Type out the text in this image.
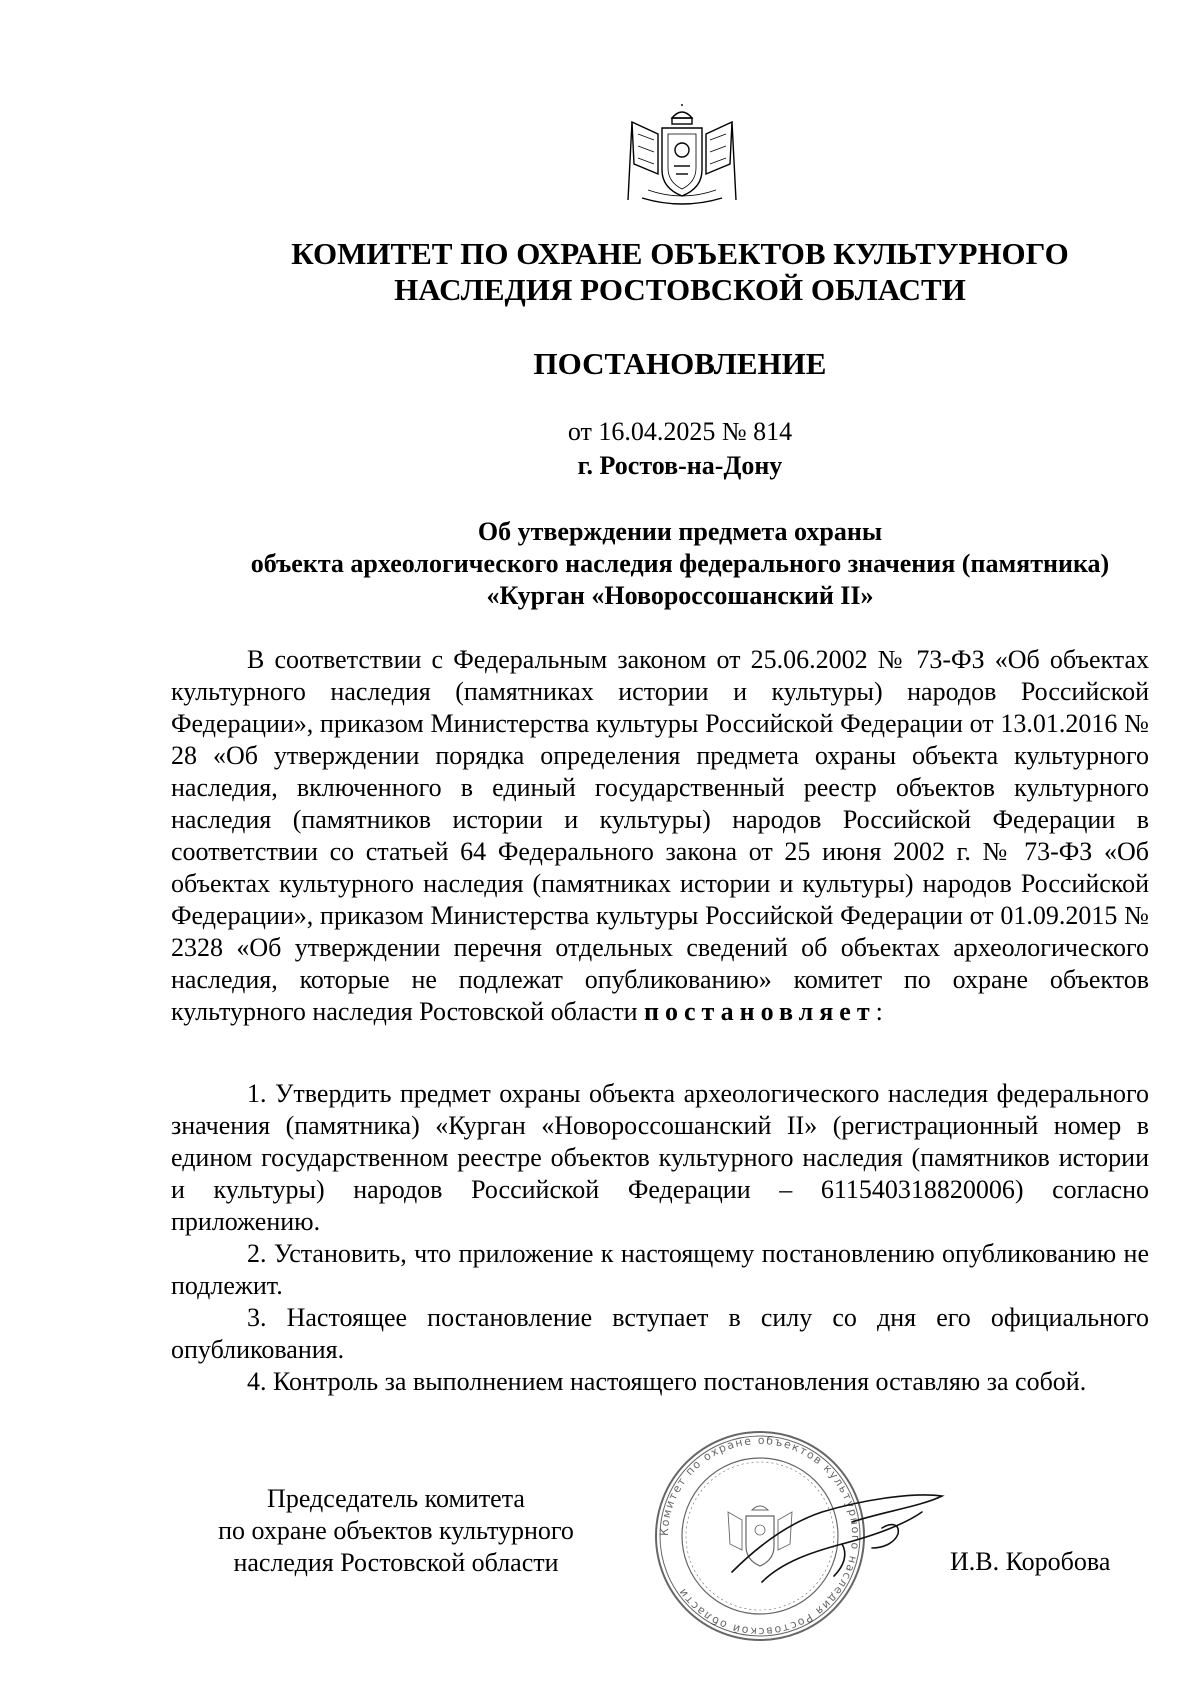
КОМИТЕТ ПО ОХРАНЕ ОБЪЕКТОВ КУЛЬТУРНОГО
НАСЛЕДИЯ РОСТОВСКОЙ ОБЛАСТИ
ПОСТАНОВЛЕНИЕ
от 16.04.2025 № 814
г. Ростов-на-Дону
Об утверждении предмета охраны
объекта археологического наследия федерального значения (памятника)
«Курган «Новороссошанский II»

В соответствии с Федеральным законом от 25.06.2002 № 73-ФЗ «Об объектах культурного наследия (памятниках истории и культуры) народов Российской Федерации», приказом Министерства культуры Российской Федерации от 13.01.2016 № 28 «Об утверждении порядка определения предмета охраны объекта культурного наследия, включенного в единый государственный реестр объектов культурного наследия (памятников истории и культуры) народов Российской Федерации в соответствии со статьей 64 Федерального закона от 25 июня 2002 г. № 73-ФЗ «Об объектах культурного наследия (памятниках истории и культуры) народов Российской Федерации», приказом Министерства культуры Российской Федерации от 01.09.2015 № 2328 «Об утверждении перечня отдельных сведений об объектах археологического наследия, которые не подлежат опубликованию» комитет по охране объектов культурного наследия Ростовской области постановляет:

1. Утвердить предмет охраны объекта археологического наследия федерального значения (памятника) «Курган «Новороссошанский II» (регистрационный номер в едином государственном реестре объектов культурного наследия (памятников истории и культуры) народов Российской Федерации – 611540318820006) согласно приложению.

2. Установить, что приложение к настоящему постановлению опубликованию не подлежит.

3. Настоящее постановление вступает в силу со дня его официального опубликования.

4. Контроль за выполнением настоящего постановления оставляю за собой.

Председатель комитета
по охране объектов культурного
наследия Ростовской области
Комитет по охране объектов культурного наследия Ростовской области
И.В. Коробова
